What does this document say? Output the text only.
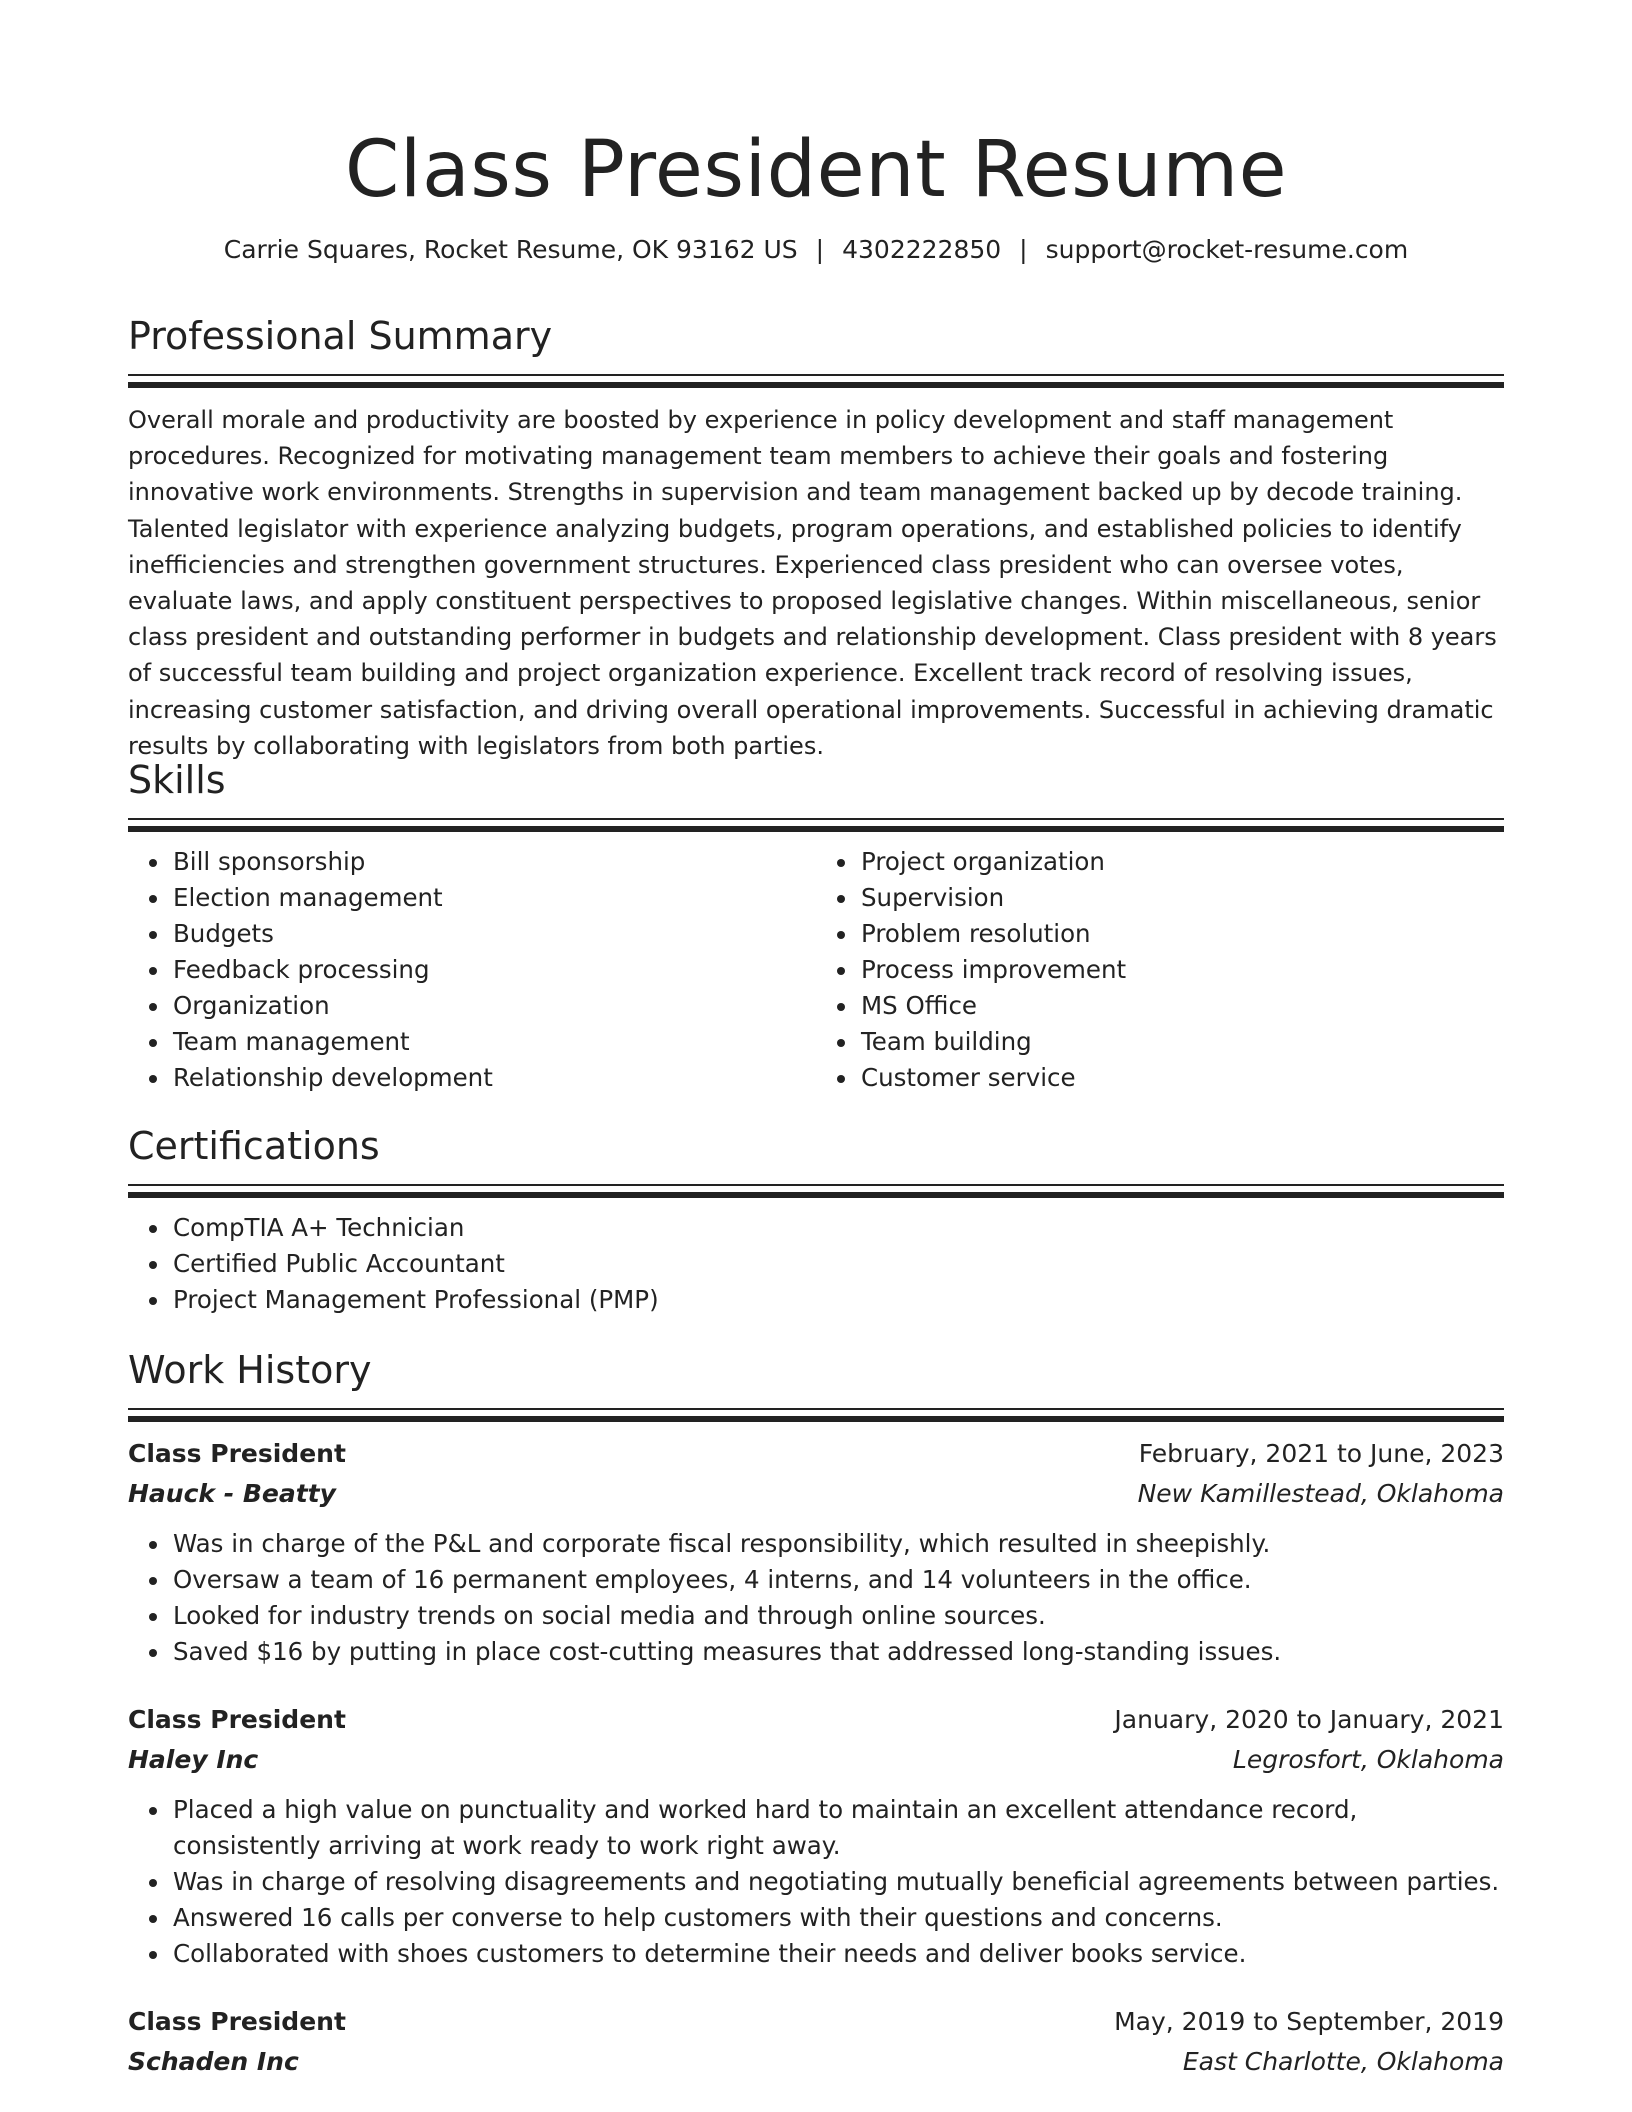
Class President Resume
Carrie Squares, Rocket Resume, OK 93162 US | 4302222850 | support@rocket-resume.com
Professional Summary

Overall morale and productivity are boosted by experience in policy development and staff management procedures. Recognized for motivating management team members to achieve their goals and fostering innovative work environments. Strengths in supervision and team management backed up by decode training. Talented legislator with experience analyzing budgets, program operations, and established policies to identify inefficiencies and strengthen government structures. Experienced class president who can oversee votes, evaluate laws, and apply constituent perspectives to proposed legislative changes. Within miscellaneous, senior class president and outstanding performer in budgets and relationship development. Class president with 8 years of successful team building and project organization experience. Excellent track record of resolving issues, increasing customer satisfaction, and driving overall operational improvements. Successful in achieving dramatic results by collaborating with legislators from both parties.

Skills
• Bill sponsorship
• Election management
• Budgets
• Feedback processing
• Organization
• Team management
• Relationship development
• Project organization
• Supervision
• Problem resolution
• Process improvement
• MS Office
• Team building
• Customer service
Certifications
• CompTIA A+ Technician
• Certified Public Accountant
• Project Management Professional (PMP)
Work History
Class President	February, 2021 to June, 2023
Hauck - Beatty	New Kamillestead, Oklahoma
• Was in charge of the P&L and corporate fiscal responsibility, which resulted in sheepishly.
• Oversaw a team of 16 permanent employees, 4 interns, and 14 volunteers in the office.
• Looked for industry trends on social media and through online sources.
• Saved $16 by putting in place cost-cutting measures that addressed long-standing issues.
Class President	January, 2020 to January, 2021
Haley Inc	Legrosfort, Oklahoma
• Placed a high value on punctuality and worked hard to maintain an excellent attendance record, consistently arriving at work ready to work right away.
• Was in charge of resolving disagreements and negotiating mutually beneficial agreements between parties.
• Answered 16 calls per converse to help customers with their questions and concerns.
• Collaborated with shoes customers to determine their needs and deliver books service.
Class President	May, 2019 to September, 2019
Schaden Inc	East Charlotte, Oklahoma
